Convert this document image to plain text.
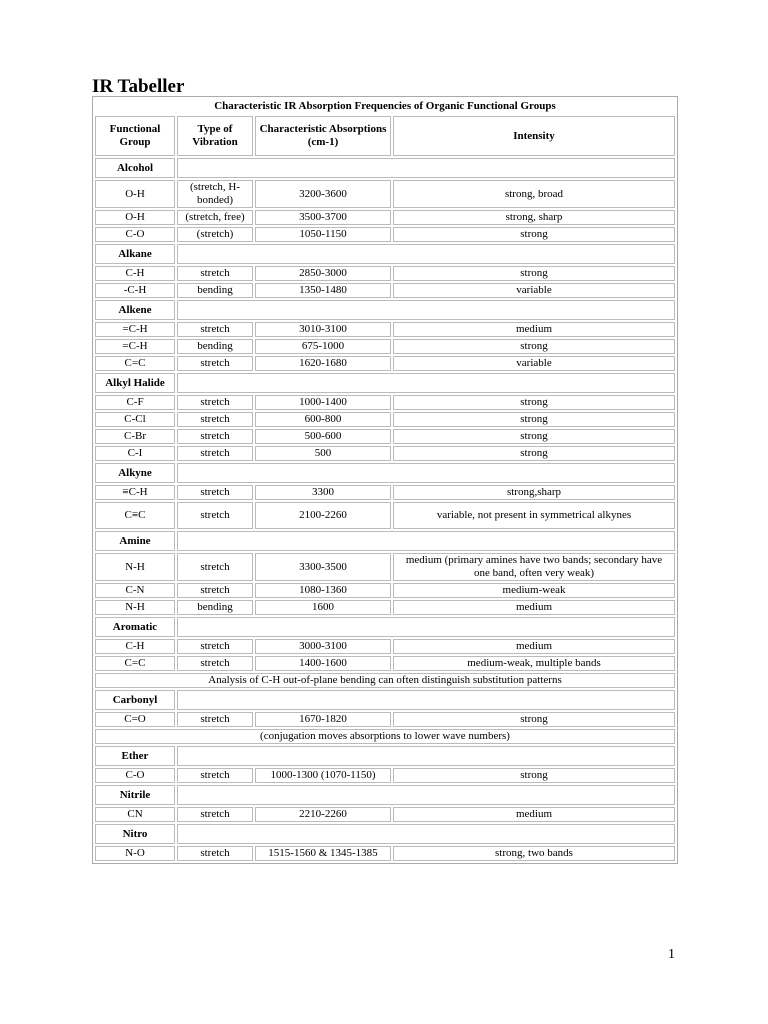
IR Tabeller
Characteristic IR Absorption Frequencies of Organic Functional Groups			
Functional Group	Type of Vibration	Characteristic Absorptions (cm-1)	Intensity
Alcohol			
O-H	(stretch, H-bonded)	3200-3600	strong, broad
O-H	(stretch, free)	3500-3700	strong, sharp
C-O	(stretch)	1050-1150	strong
Alkane			
C-H	stretch	2850-3000	strong
-C-H	bending	1350-1480	variable
Alkene			
=C-H	stretch	3010-3100	medium
=C-H	bending	675-1000	strong
C=C	stretch	1620-1680	variable
Alkyl Halide			
C-F	stretch	1000-1400	strong
C-Cl	stretch	600-800	strong
C-Br	stretch	500-600	strong
C-I	stretch	500	strong
Alkyne			
≡C-H	stretch	3300	strong,sharp
C≡C	stretch	2100-2260	variable, not present in symmetrical alkynes
Amine			
N-H	stretch	3300-3500	medium (primary amines have two bands; secondary have one band, often very weak)
C-N	stretch	1080-1360	medium-weak
N-H	bending	1600	medium
Aromatic			
C-H	stretch	3000-3100	medium
C=C	stretch	1400-1600	medium-weak, multiple bands
Analysis of C-H out-of-plane bending can often distinguish substitution patterns			
Carbonyl			
C=O	stretch	1670-1820	strong
(conjugation moves absorptions to lower wave numbers)			
Ether			
C-O	stretch	1000-1300 (1070-1150)	strong
Nitrile			
CN	stretch	2210-2260	medium
Nitro			
N-O	stretch	1515-1560 & 1345-1385	strong, two bands
1
